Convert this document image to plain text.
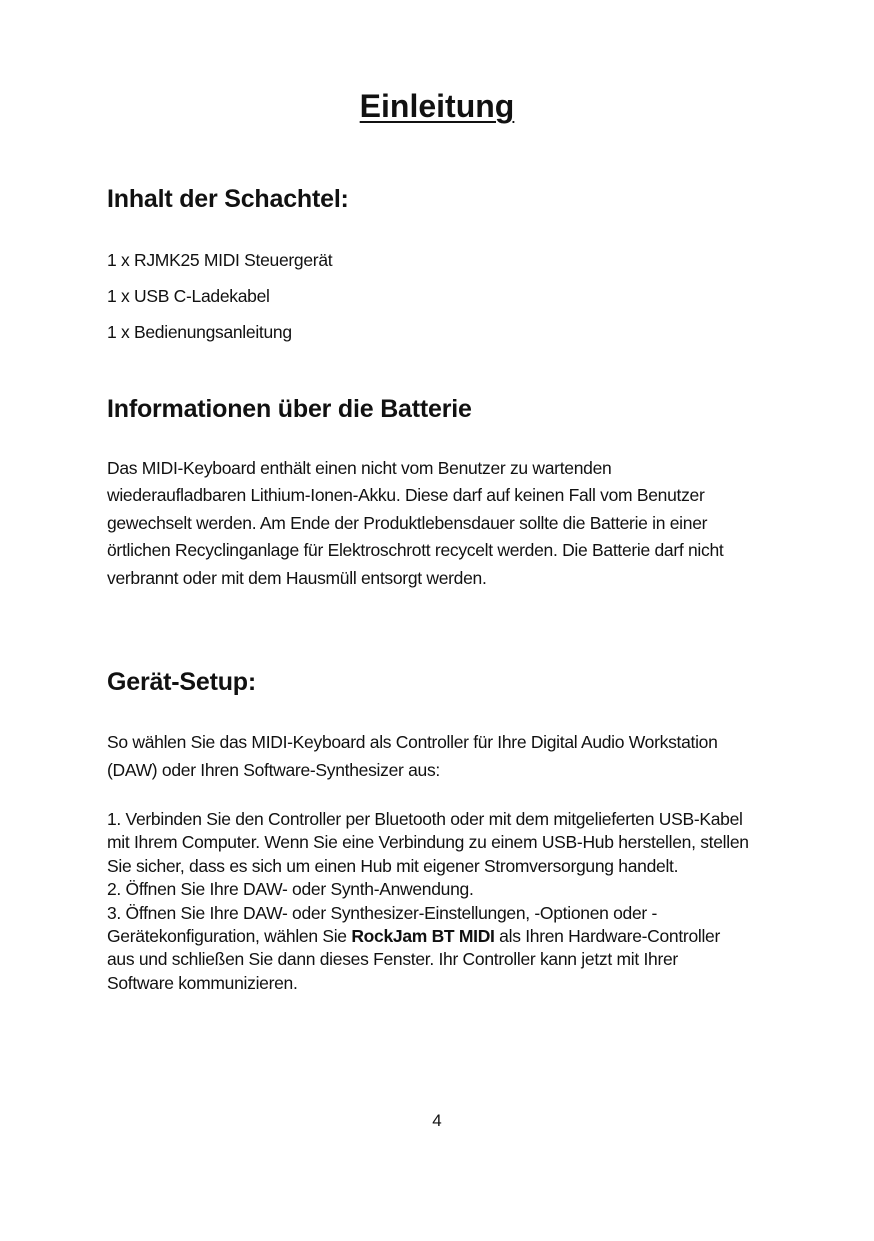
Einleitung
Inhalt der Schachtel:

1 x RJMK25 MIDI Steuergerät

1 x USB C-Ladekabel

1 x Bedienungsanleitung

Informationen über die Batterie

Das MIDI-Keyboard enthält einen nicht vom Benutzer zu wartenden
wiederaufladbaren Lithium-Ionen-Akku. Diese darf auf keinen Fall vom Benutzer
gewechselt werden. Am Ende der Produktlebensdauer sollte die Batterie in einer
örtlichen Recyclinganlage für Elektroschrott recycelt werden. Die Batterie darf nicht
verbrannt oder mit dem Hausmüll entsorgt werden.

Gerät-Setup:

So wählen Sie das MIDI-Keyboard als Controller für Ihre Digital Audio Workstation
(DAW) oder Ihren Software-Synthesizer aus:

1. Verbinden Sie den Controller per Bluetooth oder mit dem mitgelieferten USB-Kabel
mit Ihrem Computer. Wenn Sie eine Verbindung zu einem USB-Hub herstellen, stellen
Sie sicher, dass es sich um einen Hub mit eigener Stromversorgung handelt.
2. Öffnen Sie Ihre DAW- oder Synth-Anwendung.
3. Öffnen Sie Ihre DAW- oder Synthesizer-Einstellungen, -Optionen oder -
Gerätekonfiguration, wählen Sie RockJam BT MIDI als Ihren Hardware-Controller
aus und schließen Sie dann dieses Fenster. Ihr Controller kann jetzt mit Ihrer
Software kommunizieren.

4
